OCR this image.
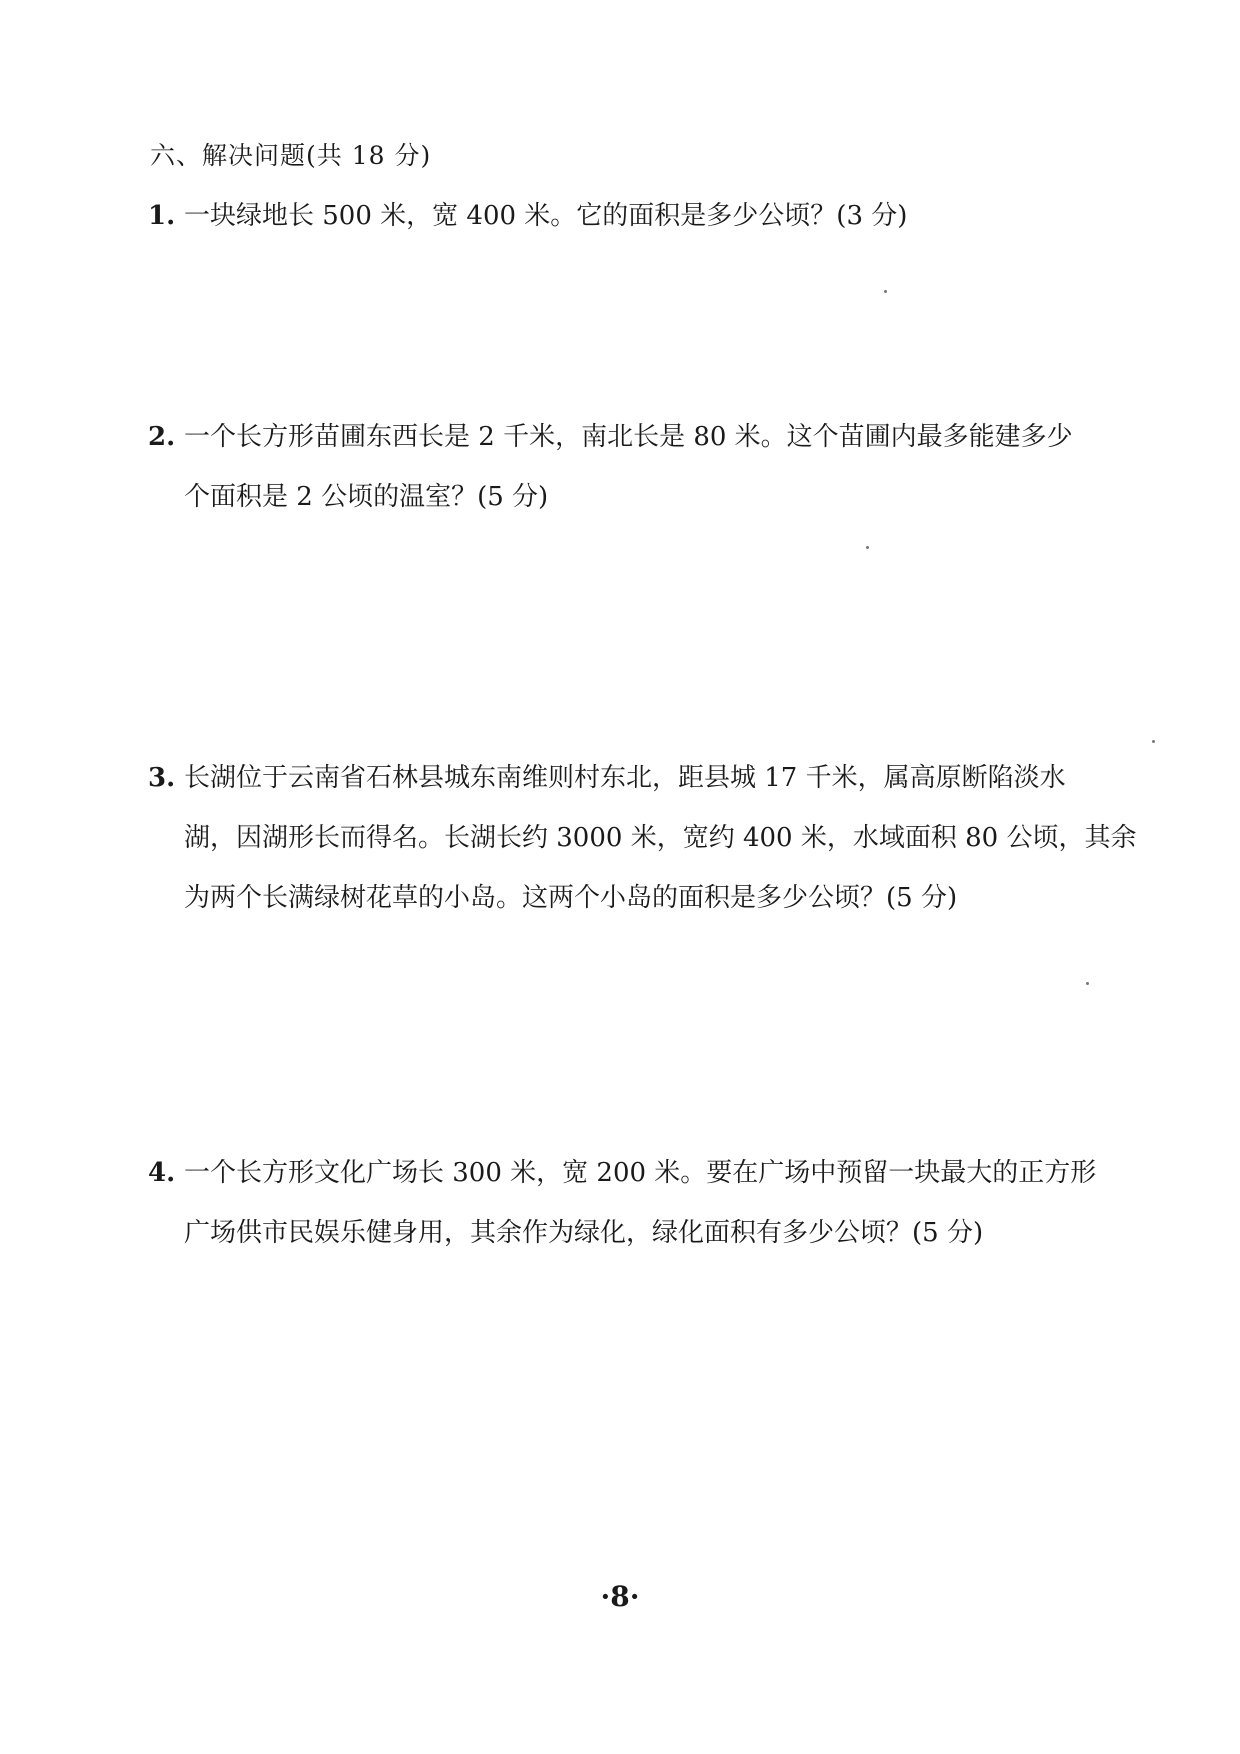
六、解决问题(共 18 分)
1. 一块绿地长 500 米，宽 400 米。它的面积是多少公顷？(3 分)
2. 一个长方形苗圃东西长是 2 千米，南北长是 80 米。这个苗圃内最多能建多少
个面积是 2 公顷的温室？(5 分)
3. 长湖位于云南省石林县城东南维则村东北，距县城 17 千米，属高原断陷淡水
湖，因湖形长而得名。长湖长约 3000 米，宽约 400 米，水域面积 80 公顷，其余
为两个长满绿树花草的小岛。这两个小岛的面积是多少公顷？(5 分)
4. 一个长方形文化广场长 300 米，宽 200 米。要在广场中预留一块最大的正方形
广场供市民娱乐健身用，其余作为绿化，绿化面积有多少公顷？(5 分)
·8·
